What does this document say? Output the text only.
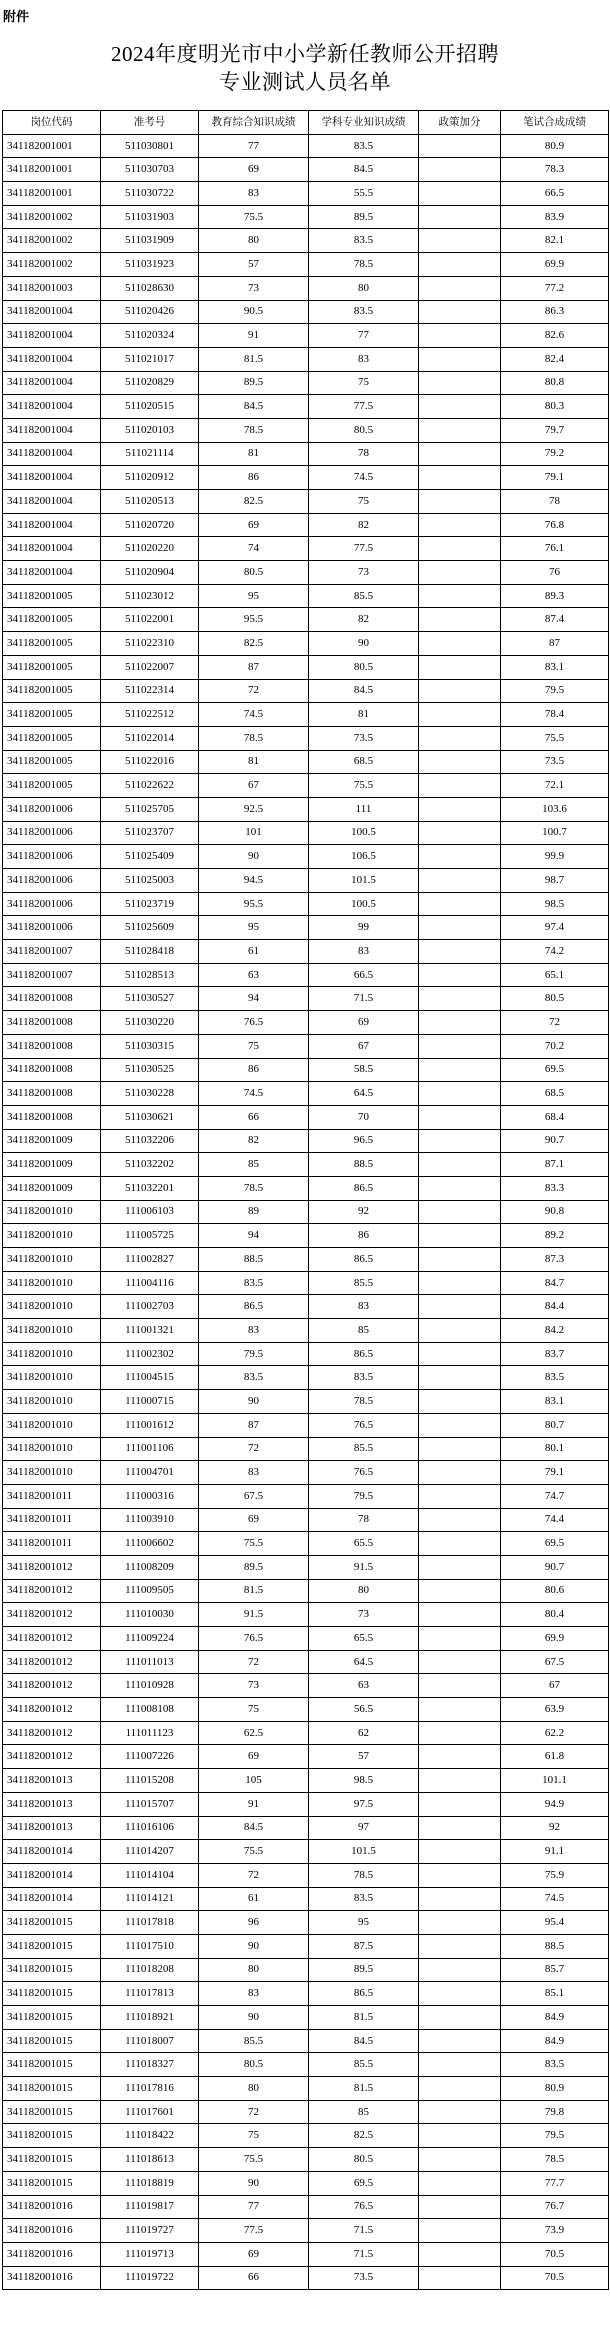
附件
2024年度明光市中小学新任教师公开招聘
专业测试人员名单
岗位代码	准考号	教育综合知识成绩	学科专业知识成绩	政策加分	笔试合成成绩
341182001001	511030801	77	83.5		80.9
341182001001	511030703	69	84.5		78.3
341182001001	511030722	83	55.5		66.5
341182001002	511031903	75.5	89.5		83.9
341182001002	511031909	80	83.5		82.1
341182001002	511031923	57	78.5		69.9
341182001003	511028630	73	80		77.2
341182001004	511020426	90.5	83.5		86.3
341182001004	511020324	91	77		82.6
341182001004	511021017	81.5	83		82.4
341182001004	511020829	89.5	75		80.8
341182001004	511020515	84.5	77.5		80.3
341182001004	511020103	78.5	80.5		79.7
341182001004	511021114	81	78		79.2
341182001004	511020912	86	74.5		79.1
341182001004	511020513	82.5	75		78
341182001004	511020720	69	82		76.8
341182001004	511020220	74	77.5		76.1
341182001004	511020904	80.5	73		76
341182001005	511023012	95	85.5		89.3
341182001005	511022001	95.5	82		87.4
341182001005	511022310	82.5	90		87
341182001005	511022007	87	80.5		83.1
341182001005	511022314	72	84.5		79.5
341182001005	511022512	74.5	81		78.4
341182001005	511022014	78.5	73.5		75.5
341182001005	511022016	81	68.5		73.5
341182001005	511022622	67	75.5		72.1
341182001006	511025705	92.5	111		103.6
341182001006	511023707	101	100.5		100.7
341182001006	511025409	90	106.5		99.9
341182001006	511025003	94.5	101.5		98.7
341182001006	511023719	95.5	100.5		98.5
341182001006	511025609	95	99		97.4
341182001007	511028418	61	83		74.2
341182001007	511028513	63	66.5		65.1
341182001008	511030527	94	71.5		80.5
341182001008	511030220	76.5	69		72
341182001008	511030315	75	67		70.2
341182001008	511030525	86	58.5		69.5
341182001008	511030228	74.5	64.5		68.5
341182001008	511030621	66	70		68.4
341182001009	511032206	82	96.5		90.7
341182001009	511032202	85	88.5		87.1
341182001009	511032201	78.5	86.5		83.3
341182001010	111006103	89	92		90.8
341182001010	111005725	94	86		89.2
341182001010	111002827	88.5	86.5		87.3
341182001010	111004116	83.5	85.5		84.7
341182001010	111002703	86.5	83		84.4
341182001010	111001321	83	85		84.2
341182001010	111002302	79.5	86.5		83.7
341182001010	111004515	83.5	83.5		83.5
341182001010	111000715	90	78.5		83.1
341182001010	111001612	87	76.5		80.7
341182001010	111001106	72	85.5		80.1
341182001010	111004701	83	76.5		79.1
341182001011	111000316	67.5	79.5		74.7
341182001011	111003910	69	78		74.4
341182001011	111006602	75.5	65.5		69.5
341182001012	111008209	89.5	91.5		90.7
341182001012	111009505	81.5	80		80.6
341182001012	111010030	91.5	73		80.4
341182001012	111009224	76.5	65.5		69.9
341182001012	111011013	72	64.5		67.5
341182001012	111010928	73	63		67
341182001012	111008108	75	56.5		63.9
341182001012	111011123	62.5	62		62.2
341182001012	111007226	69	57		61.8
341182001013	111015208	105	98.5		101.1
341182001013	111015707	91	97.5		94.9
341182001013	111016106	84.5	97		92
341182001014	111014207	75.5	101.5		91.1
341182001014	111014104	72	78.5		75.9
341182001014	111014121	61	83.5		74.5
341182001015	111017818	96	95		95.4
341182001015	111017510	90	87.5		88.5
341182001015	111018208	80	89.5		85.7
341182001015	111017813	83	86.5		85.1
341182001015	111018921	90	81.5		84.9
341182001015	111018007	85.5	84.5		84.9
341182001015	111018327	80.5	85.5		83.5
341182001015	111017816	80	81.5		80.9
341182001015	111017601	72	85		79.8
341182001015	111018422	75	82.5		79.5
341182001015	111018613	75.5	80.5		78.5
341182001015	111018819	90	69.5		77.7
341182001016	111019817	77	76.5		76.7
341182001016	111019727	77.5	71.5		73.9
341182001016	111019713	69	71.5		70.5
341182001016	111019722	66	73.5		70.5
